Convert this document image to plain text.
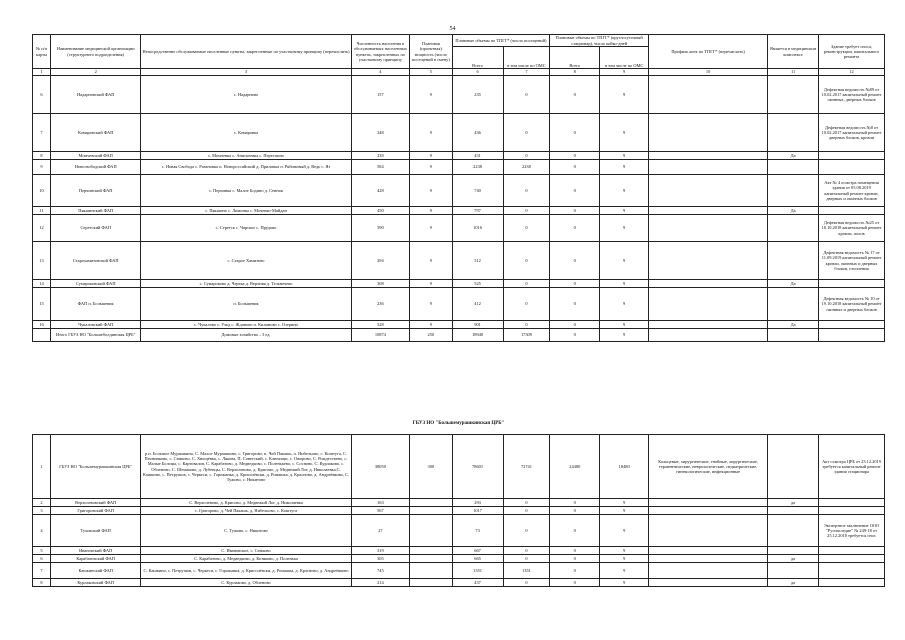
54
№ п/п карты	Наименование медицинской организации (структурного подразделения)	Непосредственно обслуживаемые населенные пункты, закрепленные по участковому принципу (перечислить)	Численность населения в обслуживаемых населенных пунктах, закрепленных по участковому принципу	Плановая (проектная) мощность (число посещений в смену)	Плановые объемы по ТПГГ* (число посещений)		Плановые объемы по ТПГГ* (круглосуточный стационар), число койко-дней		Профиль коек по ТПГГ* (перечислить)	Является в медицинском комплексе	Здание требует сноса, реконструкции, капитального ремонта
					Всего	в том числе по ОМС	Всего	в том числе по ОМС			
1	2	3	4	5	6	7	8	9	10	11	12
6	Надарновский ФАП	с. Надарново	157	9	235	0	0	9			Дефектная ведомость №89 от 10.02.2017 капитальный ремонт оконных, дверных блоков
7	Комаровский ФАП	с. Комаровка	248	9	436	0	0	9			Дефектная ведомость №8 от 10.02.2017 капитальный ремонт дверных блоков, кровли
8	Момчевский ФАП	с. Момчевка с. Анискеевка с. Переспино	239	9	431	0	0	9		Да	
9	Новосвободский ФАП	с. Новая Свобода с. Разановка п. Новороссийский д. Прилипка п. Рябиновый д. Ведь с. Яз	584	9	2238	2238	0	9			
10	Перчинский ФАП	с. Перчинка с. Малое Бодино д. Сеннок	428	9	740	0	0	9			Акт № 4 осмотра помещения здания от 05.08.2019 капитальный ремонт кровли, дверных и оконных блоков
11	Пякшинский ФАП	с. Пякшино с. Лимонка с. Моченко-Майдан	450	9	797	0	0	9		Да	
12	Серетский ФАП	с. Серетск с. Чарское с. Прудово	590	9	1016	0	0	9			Дефектная ведомость №25 от 18.10.2018 капитальный ремонт кровли, полов
13	Старохамитовский ФАП	с. Старое Хамитово	294	9	512	0	0	9			Дефектная ведомость № 17 от 11.09.2019 капитальный ремонт кровли, оконных и дверных блоков, отопления
14	Сумароковский ФАП	с. Сумароково д. Чертка д. Верхняя д. Тельнечево	308	9	525	0	0	9		Да	
15	ФАП п. Большевик	п. Большевик	236	9	412	0	0	9			Дефектная ведомость № 10 от 19.10.2018 капитальный ремонт оконных и дверных блоков
16	Чукаловский ФАП	с. Чукалово с. Ульд с. Жданово п. Килиново с. Озерино	528	9	901	0	0	9		Да	
	Итого ГБУЗ НО "Большеболдинская ЦРБ"	Домовые хозяйства – 3 ед.	10874	250	18940	17309	0	9			
ГБУЗ НО "Большемурашкинская ЦРБ"
1	ГБУЗ НО "Большемурашкинская ЦРБ"	р.п. Большое Мурашкино, С. Малое Мурашкино, с. Григорово, п. Чей Пакашь, п. Нибельово, с. Коштуга, С. Пеонинково, с. Семково, С. Хвощёвка, с. Лякова, П. Советский, с. Ключищи, с. Ожорово, С. Рождествено, с. Малые Болоцы, с. Картовалов, С. Карабатово, д. Медведково, с. Поленькево, с. Сосново, С. Курлаково, с. Обленово, С. Шемаково, д. Лубенцы, С. Верхолевово, д. Крисово, д. Медвежий Лог, д. Николаевка,С. Кашкино, с. Петрушов, с. Черкеси, с. Горожанка, д. Крисолёвски, д. Ромашка, д. Красново, д. Андреёвково, С. Тужово, с. Никитово	38050	300	78601	72741	24480	18480	Кольцевые, хирургические, гнойные, хирургические, терапевтические, неврологические, педиатрические, гинекологические, инфекционные		Акт осмотра ЦРБ от 23.12.2019 требуется капитальный ремонт здания стационара
2	Верхолевовский ФАП	С. Верхолевово, д. Крисово, д. Медвежий Лог, д. Николаевка	163		293	0	0	9		да	
3	Григоровский ФАП	с. Григорово, д. Чей Пакашь, д. Нибельово, с. Коштуга	567		1017	0	0	9			
4	Туховский ФАП	С. Тужово, с. Никитово	27		73	0	0	9			Экспертное заключение ООО "Руснаследие" № 249-18 от 25.12.2018 требуется снос
5	Ивановский ФАП	С. Ивановское, с. Семково	319		667	0	0	9			
6	Карабатовский ФАП	С. Карабатово, д. Медведково, д. Котяково, д. Поленька	305		665	0	0	9		да	
7	Кашкинский ФАП	С. Кашкино, с. Петрушов, с. Черкеси, с. Горожанка, д. Крисолёвски, д. Ромашка, д. Красново, д. Андреёвково	745		1351	1351	0	9			
8	Курлаковский ФАП	С. Курлаково, д. Обленово	214		437	0	0	9		да	
